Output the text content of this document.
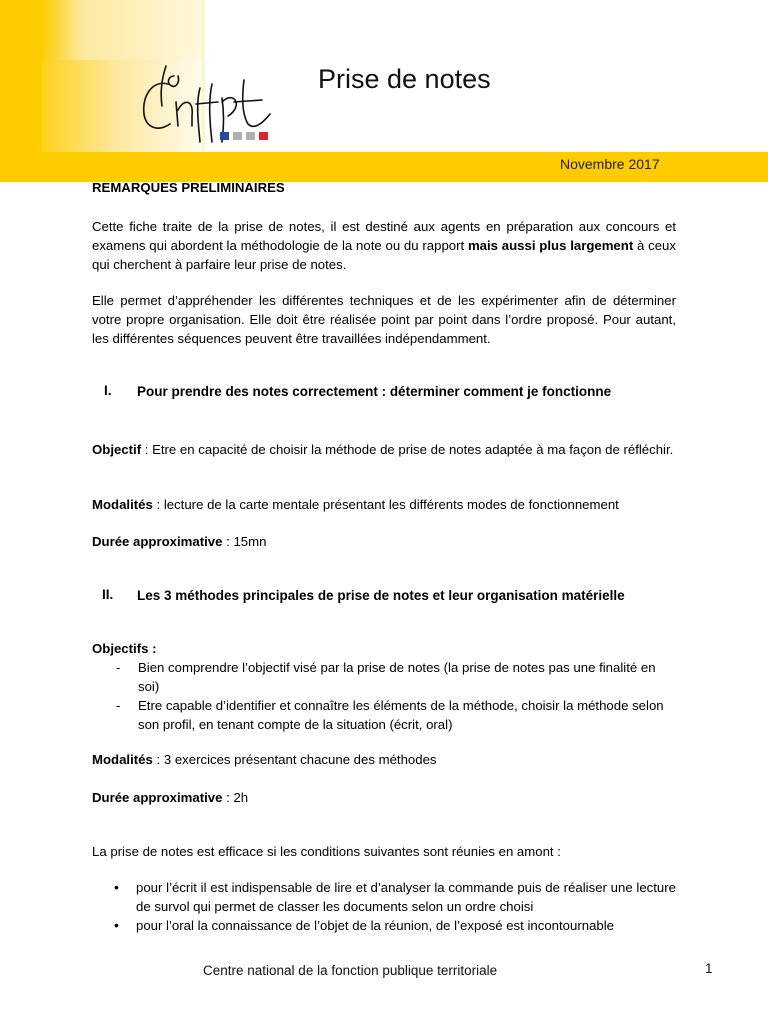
Prise de notes
Novembre 2017
REMARQUES PRELIMINAIRES

Cette fiche traite de la prise de notes, il est destiné aux agents en préparation aux concours et examens qui abordent la méthodologie de la note ou du rapport mais aussi plus largement à ceux qui cherchent à parfaire leur prise de notes.

Elle permet d’appréhender les différentes techniques et de les expérimenter afin de déterminer votre propre organisation. Elle doit être réalisée point par point dans l’ordre proposé. Pour autant, les différentes séquences peuvent être travaillées indépendamment.

I. Pour prendre des notes correctement : déterminer comment je fonctionne

Objectif : Etre en capacité de choisir la méthode de prise de notes adaptée à ma façon de réfléchir.

Modalités : lecture de la carte mentale présentant les différents modes de fonctionnement

Durée approximative : 15mn

II. Les 3 méthodes principales de prise de notes et leur organisation matérielle

Objectifs :

- Bien comprendre l’objectif visé par la prise de notes (la prise de notes pas une finalité en soi)
- Etre capable d’identifier et connaître les éléments de la méthode, choisir la méthode selon son profil, en tenant compte de la situation (écrit, oral)

Modalités : 3 exercices présentant chacune des méthodes

Durée approximative : 2h

La prise de notes est efficace si les conditions suivantes sont réunies en amont :
• pour l’écrit il est indispensable de lire et d’analyser la commande puis de réaliser une lecture de survol qui permet de classer les documents selon un ordre choisi
• pour l’oral la connaissance de l’objet de la réunion, de l’exposé est incontournable
Centre national de la fonction publique territoriale	1
